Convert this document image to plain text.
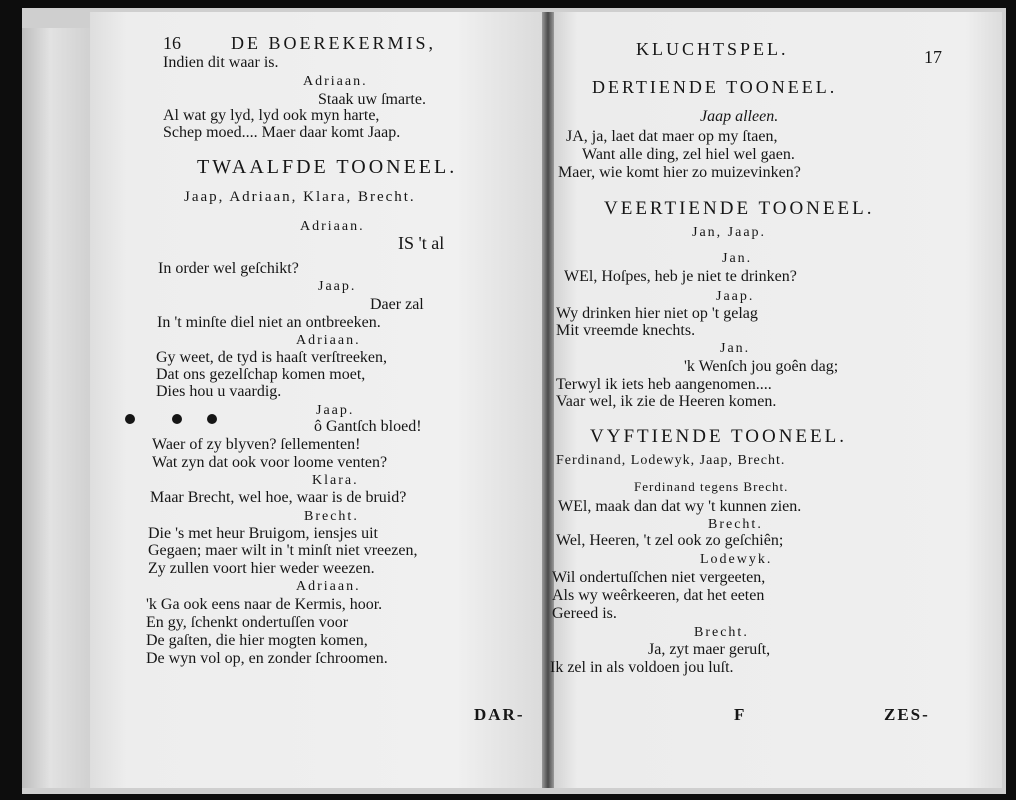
16	DE BOEREKERMIS,
Indien dit waar is.
Adriaan.
Staak uw ſmarte.
Al wat gy lyd, lyd ook myn harte,
Schep moed.... Maer daar komt Jaap.
TWAALFDE TOONEEL.
Jaap, Adriaan, Klara, Brecht.
Adriaan.
IS 't al
In order wel geſchikt?
Jaap.
Daer zal
In 't minſte diel niet an ontbreeken.
Adriaan.
Gy weet, de tyd is haaſt verſtreeken,
Dat ons gezelſchap komen moet,
Dies hou u vaardig.
Jaap.
ô Gantſch bloed!
Waer of zy blyven? ſellementen!
Wat zyn dat ook voor loome venten?
Klara.
Maar Brecht, wel hoe, waar is de bruid?
Brecht.
Die 's met heur Bruigom, iensjes uit
Gegaen; maer wilt in 't minſt niet vreezen,
Zy zullen voort hier weder weezen.
Adriaan.
'k Ga ook eens naar de Kermis, hoor.
En gy, ſchenkt ondertuſſen voor
De gaſten, die hier mogten komen,
De wyn vol op, en zonder ſchroomen.
DAR-
KLUCHTSPEL.	17
DERTIENDE TOONEEL.
Jaap alleen.
JA, ja, laet dat maer op my ſtaen,
Want alle ding, zel hiel wel gaen.
Maer, wie komt hier zo muizevinken?
VEERTIENDE TOONEEL.
Jan, Jaap.
Jan.
WEl, Hoſpes, heb je niet te drinken?
Jaap.
Wy drinken hier niet op 't gelag
Mit vreemde knechts.
Jan.
'k Wenſch jou goên dag;
Terwyl ik iets heb aangenomen....
Vaar wel, ik zie de Heeren komen.
VYFTIENDE TOONEEL.
Ferdinand, Lodewyk, Jaap, Brecht.
Ferdinand tegens Brecht.
WEl, maak dan dat wy 't kunnen zien.
Brecht.
Wel, Heeren, 't zel ook zo geſchiên;
Lodewyk.
Wil ondertuſſchen niet vergeeten,
Als wy weêrkeeren, dat het eeten
Gereed is.
Brecht.
Ja, zyt maer geruſt,
Ik zel in als voldoen jou luſt.
F	ZES-
